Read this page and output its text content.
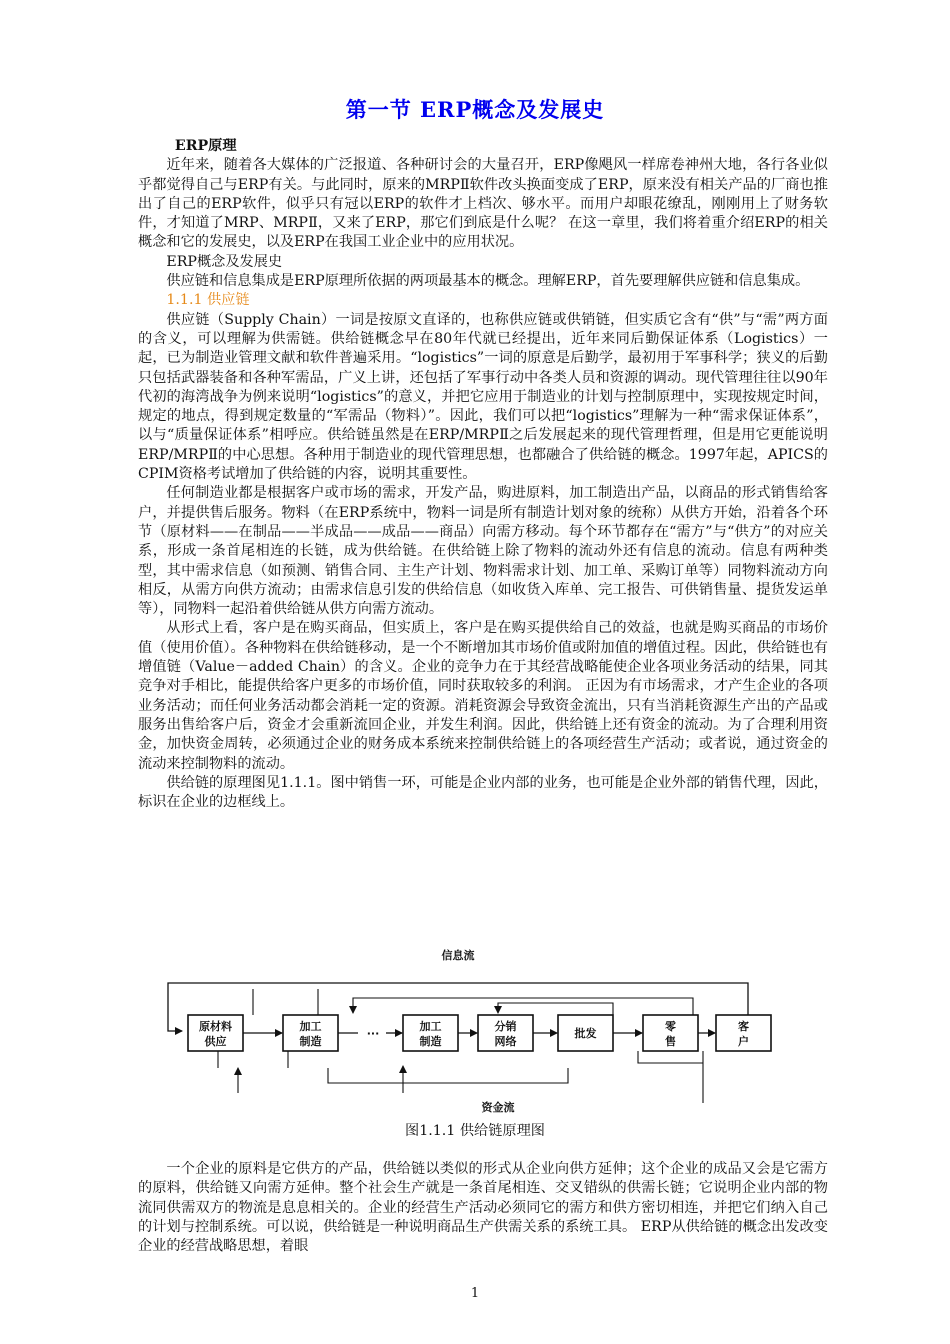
第一节 ERP概念及发展史

ERP原理

近年来，随着各大媒体的广泛报道、各种研讨会的大量召开，ERP像飓风一样席卷神州大地，各行各业似乎都觉得自己与ERP有关。与此同时，原来的MRPⅡ软件改头换面变成了ERP，原来没有相关产品的厂商也推出了自己的ERP软件，似乎只有冠以ERP的软件才上档次、够水平。而用户却眼花缭乱，刚刚用上了财务软件，才知道了MRP、MRPⅡ，又来了ERP，那它们到底是什么呢？ 在这一章里，我们将着重介绍ERP的相关概念和它的发展史，以及ERP在我国工业企业中的应用状况。

ERP概念及发展史

供应链和信息集成是ERP原理所依据的两项最基本的概念。理解ERP，首先要理解供应链和信息集成。

1.1.1 供应链

供应链（Supply Chain）一词是按原文直译的，也称供应链或供销链，但实质它含有“供”与“需”两方面的含义，可以理解为供需链。供给链概念早在80年代就已经提出，近年来同后勤保证体系（Logistics）一起，已为制造业管理文献和软件普遍采用。“logistics”一词的原意是后勤学，最初用于军事科学；狭义的后勤只包括武器装备和各种军需品，广义上讲，还包括了军事行动中各类人员和资源的调动。现代管理往往以90年代初的海湾战争为例来说明“logistics”的意义，并把它应用于制造业的计划与控制原理中，实现按规定时间，规定的地点，得到规定数量的“军需品（物料）”。因此，我们可以把“logistics”理解为一种“需求保证体系”，以与“质量保证体系”相呼应。供给链虽然是在ERP/MRPⅡ之后发展起来的现代管理哲理，但是用它更能说明ERP/MRPⅡ的中心思想。各种用于制造业的现代管理思想，也都融合了供给链的概念。1997年起，APICS的CPIM资格考试增加了供给链的内容，说明其重要性。

任何制造业都是根据客户或市场的需求，开发产品，购进原料，加工制造出产品，以商品的形式销售给客户，并提供售后服务。物料（在ERP系统中，物料一词是所有制造计划对象的统称）从供方开始，沿着各个环节（原材料——在制品——半成品——成品——商品）向需方移动。每个环节都存在“需方”与“供方”的对应关系，形成一条首尾相连的长链，成为供给链。在供给链上除了物料的流动外还有信息的流动。信息有两种类型，其中需求信息（如预测、销售合同、主生产计划、物料需求计划、加工单、采购订单等）同物料流动方向相反，从需方向供方流动；由需求信息引发的供给信息（如收货入库单、完工报告、可供销售量、提货发运单等），同物料一起沿着供给链从供方向需方流动。

从形式上看，客户是在购买商品，但实质上，客户是在购买提供给自己的效益，也就是购买商品的市场价值（使用价值）。各种物料在供给链移动，是一个不断增加其市场价值或附加值的增值过程。因此，供给链也有增值链（Value－added Chain）的含义。企业的竞争力在于其经营战略能使企业各项业务活动的结果，同其竞争对手相比，能提供给客户更多的市场价值，同时获取较多的利润。 正因为有市场需求，才产生企业的各项业务活动；而任何业务活动都会消耗一定的资源。消耗资源会导致资金流出，只有当消耗资源生产出的产品或服务出售给客户后，资金才会重新流回企业，并发生利润。因此，供给链上还有资金的流动。为了合理利用资金，加快资金周转，必须通过企业的财务成本系统来控制供给链上的各项经营生产活动；或者说，通过资金的流动来控制物料的流动。

供给链的原理图见1.1.1。图中销售一环，可能是企业内部的业务，也可能是企业外部的销售代理，因此，标识在企业的边框线上。

信息流
原材料
供应
加工
制造
加工
制造
分销
网络
批发
零
售
客
户
···
资金流
图1.1.1 供给链原理图

一个企业的原料是它供方的产品，供给链以类似的形式从企业向供方延伸；这个企业的成品又会是它需方的原料，供给链又向需方延伸。整个社会生产就是一条首尾相连、交叉错纵的供需长链；它说明企业内部的物流同供需双方的物流是息息相关的。企业的经营生产活动必须同它的需方和供方密切相连，并把它们纳入自己的计划与控制系统。可以说，供给链是一种说明商品生产供需关系的系统工具。 ERP从供给链的概念出发改变企业的经营战略思想，着眼

1
